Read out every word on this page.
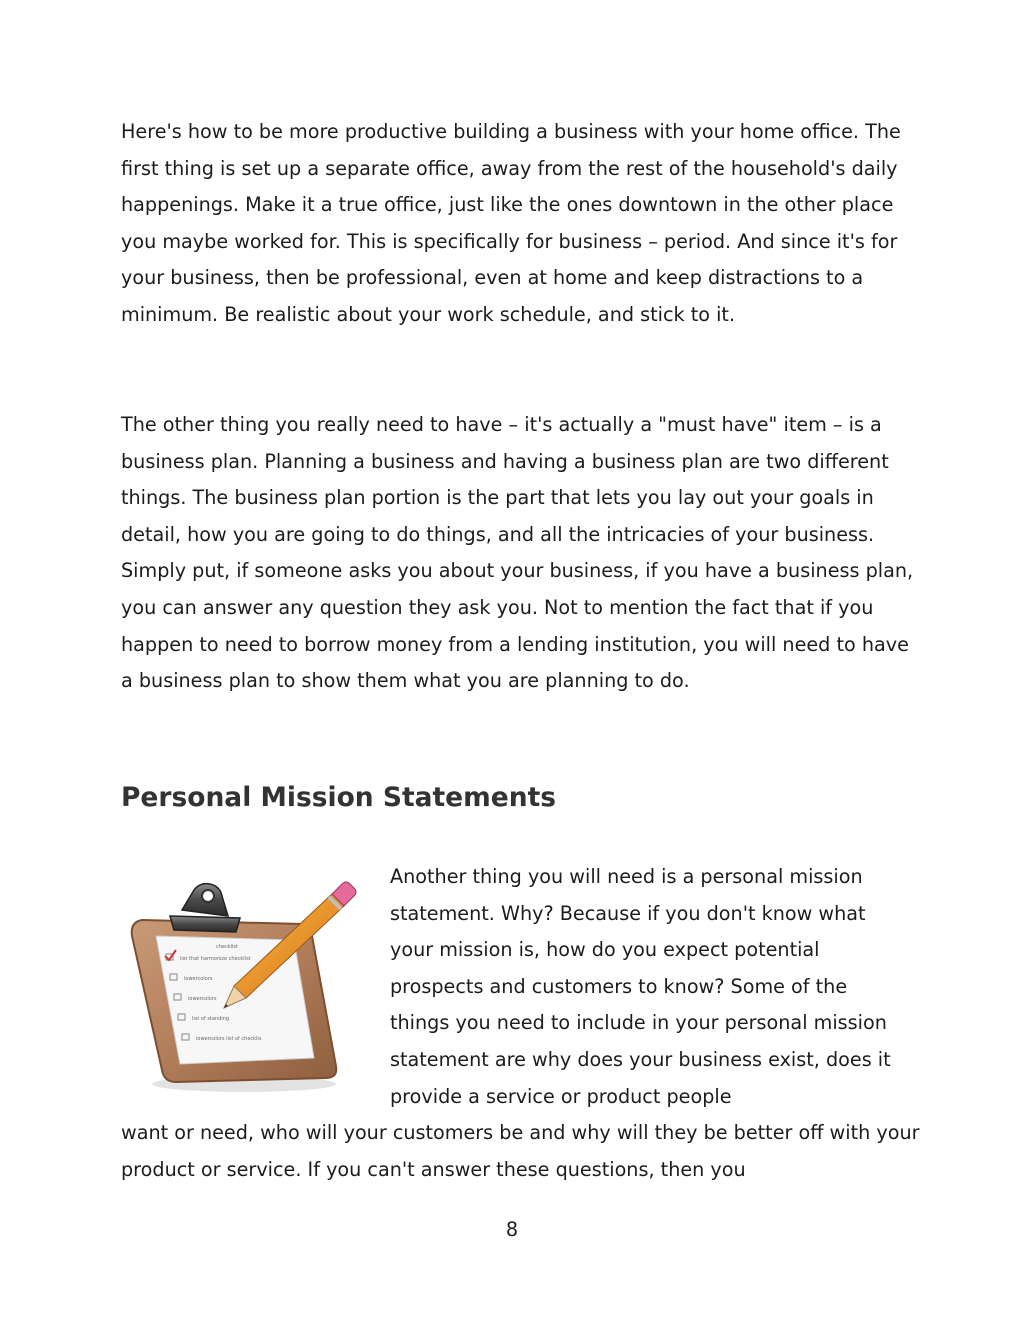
Here's how to be more productive building a business with your home office. The first thing is set up a separate office, away from the rest of the household's daily happenings. Make it a true office, just like the ones downtown in the other place you maybe worked for. This is specifically for business – period. And since it's for your business, then be professional, even at home and keep distractions to a minimum. Be realistic about your work schedule, and stick to it.

The other thing you really need to have – it's actually a "must have" item – is a business plan. Planning a business and having a business plan are two different things. The business plan portion is the part that lets you lay out your goals in detail, how you are going to do things, and all the intricacies of your business. Simply put, if someone asks you about your business, if you have a business plan, you can answer any question they ask you. Not to mention the fact that if you happen to need to borrow money from a lending institution, you will need to have a business plan to show them what you are planning to do.

Personal Mission Statements
checklist
list that harmonize checklist
lowercolors
lowercolors
list of standing
lowercolors list of checklis

Another thing you will need is a personal mission statement. Why? Because if you don't know what your mission is, how do you expect potential prospects and customers to know? Some of the things you need to include in your personal mission statement are why does your business exist, does it provide a service or product people

want or need, who will your customers be and why will they be better off with your product or service. If you can't answer these questions, then you

8
